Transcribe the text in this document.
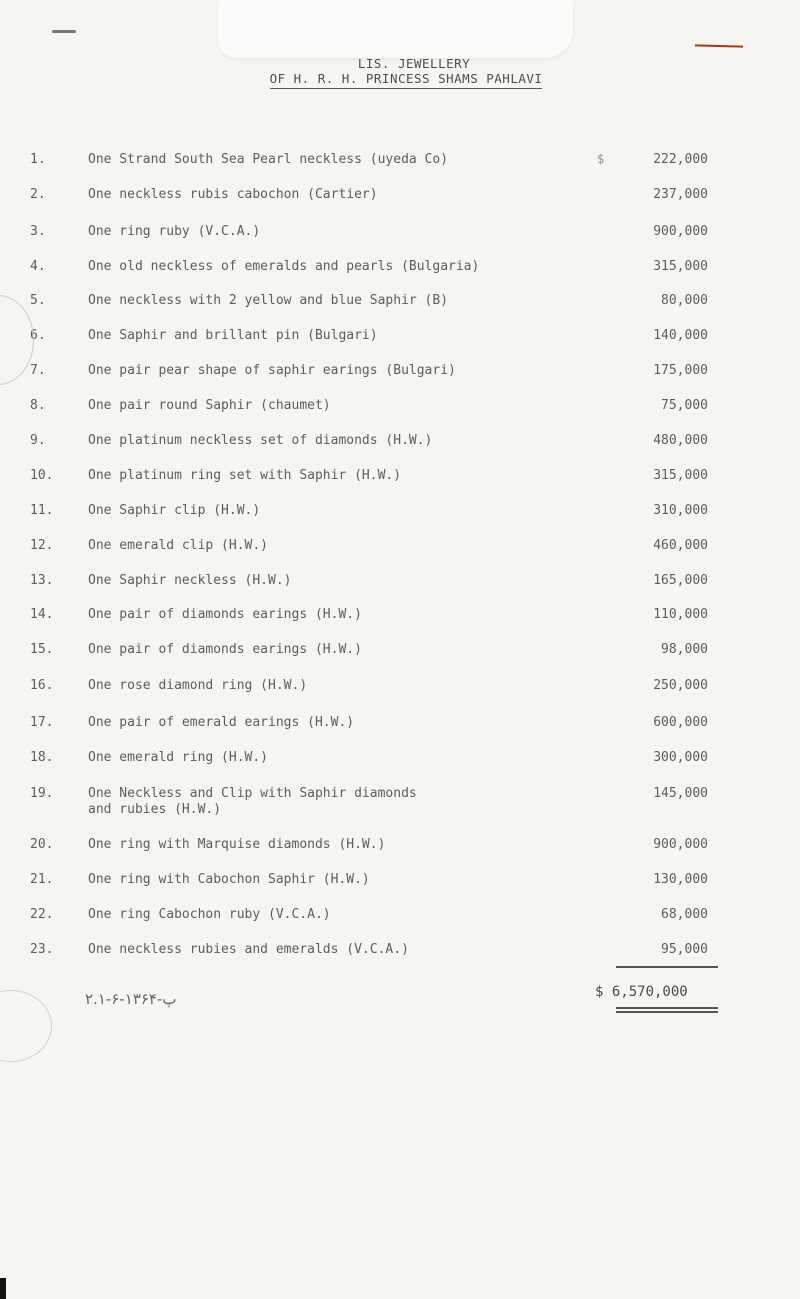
LIS. JEWELLERY
OF H. R. H. PRINCESS SHAMS PAHLAVI
$
1.	One Strand South Sea Pearl neckless (uyeda Co)	222,000
2.	One neckless rubis cabochon (Cartier)	237,000
3.	One ring ruby (V.C.A.)	900,000
4.	One old neckless of emeralds and pearls (Bulgaria)	315,000
5.	One neckless with 2 yellow and blue Saphir (B)	80,000
6.	One Saphir and brillant pin (Bulgari)	140,000
7.	One pair pear shape of saphir earings (Bulgari)	175,000
8.	One pair round Saphir (chaumet)	75,000
9.	One platinum neckless set of diamonds (H.W.)	480,000
10.	One platinum ring set with Saphir (H.W.)	315,000
11.	One Saphir clip (H.W.)	310,000
12.	One emerald clip (H.W.)	460,000
13.	One Saphir neckless (H.W.)	165,000
14.	One pair of diamonds earings (H.W.)	110,000
15.	One pair of diamonds earings (H.W.)	98,000
16.	One rose diamond ring (H.W.)	250,000
17.	One pair of emerald earings (H.W.)	600,000
18.	One emerald ring (H.W.)	300,000
19.	One Neckless and Clip with Saphir diamonds
and rubies (H.W.)
145,000
20.	One ring with Marquise diamonds (H.W.)	900,000
21.	One ring with Cabochon Saphir (H.W.)	130,000
22.	One ring Cabochon ruby (V.C.A.)	68,000
23.	One neckless rubies and emeralds (V.C.A.)	95,000
$ 6,570,000
۲.۱-۶-۱۳۶۴-پ
